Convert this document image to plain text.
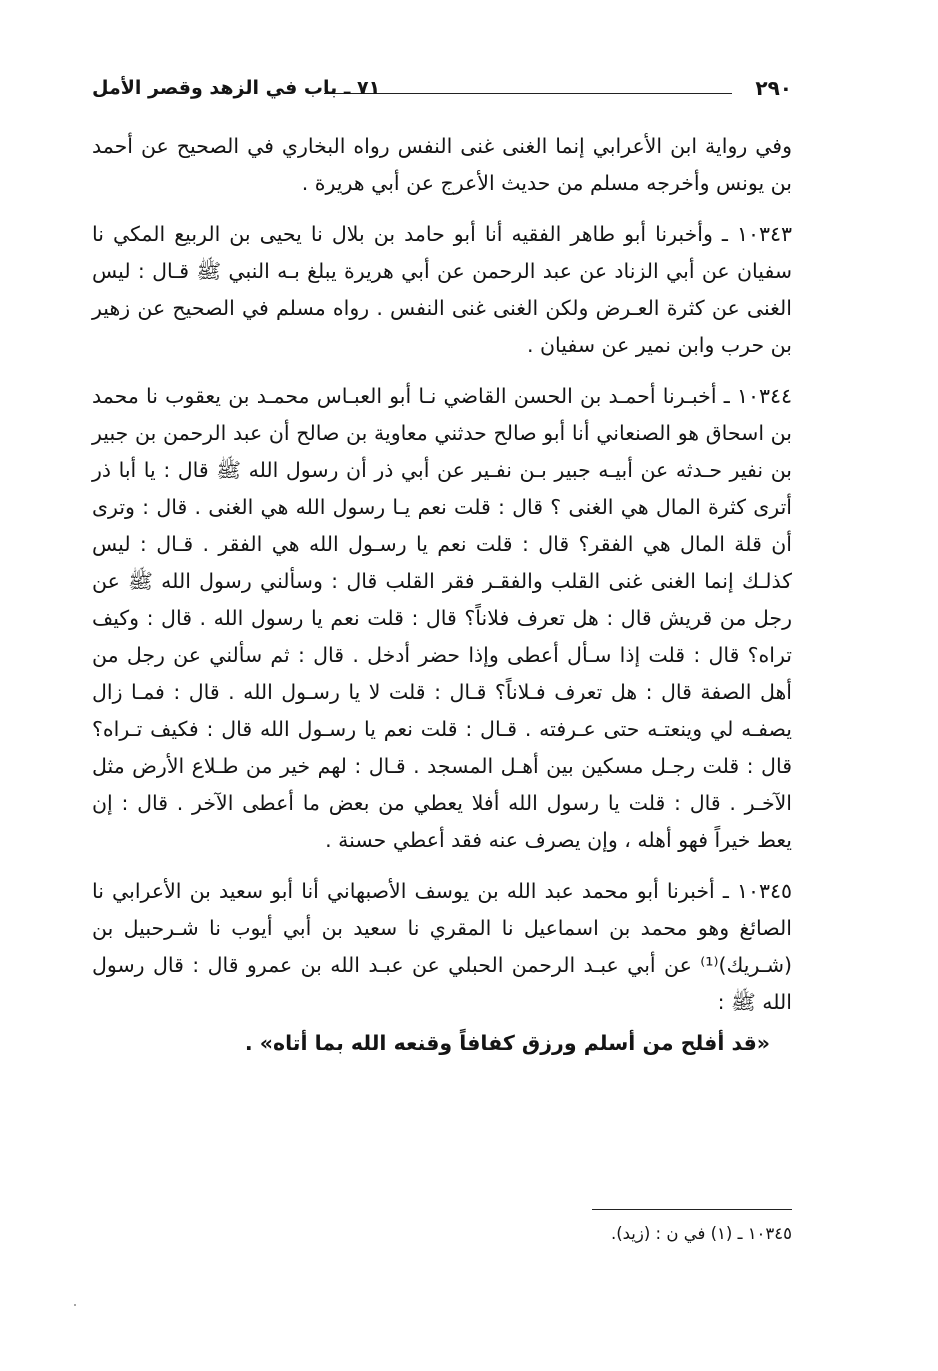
٢٩٠
٧١ ـ باب في الزهد وقصر الأمل

وفي رواية ابن الأعرابي إنما الغنى غنى النفس رواه البخاري في الصحيح عن أحمد بن يونس وأخرجه مسلم من حديث الأعرج عن أبي هريرة .

١٠٣٤٣ ـ وأخبرنا أبو طاهر الفقيه أنا أبو حامد بن بلال نا يحيى بن الربيع المكي نا سفيان عن أبي الزناد عن عبد الرحمن عن أبي هريرة يبلغ بـه النبي ﷺ قـال : ليس الغنى عن كثرة العـرض ولكن الغنى غنى النفس . رواه مسلم في الصحيح عن زهير بن حرب وابن نمير عن سفيان .

١٠٣٤٤ ـ أخبـرنا أحمـد بن الحسن القاضي نـا أبو العبـاس محمـد بن يعقوب نا محمد بن اسحاق هو الصنعاني أنا أبو صالح حدثني معاوية بن صالح أن عبد الرحمن بن جبير بن نفير حـدثه عن أبيـه جبير بـن نفـير عن أبي ذر أن رسول الله ﷺ قال : يا أبا ذر أترى كثرة المال هي الغنى ؟ قال : قلت نعم يـا رسول الله هي الغنى . قال : وترى أن قلة المال هي الفقر؟ قال : قلت نعم يا رسـول الله هي الفقر . قـال : ليس كذلـك إنما الغنى غنى القلب والفقـر فقر القلب قال : وسألني رسول الله ﷺ عن رجل من قريش قال : هل تعرف فلاناً؟ قال : قلت نعم يا رسول الله . قال : وكيف تراه؟ قال : قلت إذا سـأل أعطى وإذا حضر أدخل . قال : ثم سألني عن رجل من أهل الصفة قال : هل تعرف فـلاناً؟ قـال : قلت لا يا رسـول الله . قال : فمـا زال يصفـه لي وينعتـه حتى عـرفته . قـال : قلت نعم يا رسـول الله قال : فكيف تـراه؟ قال : قلت رجـل مسكين بين أهـل المسجد . قـال : لهم خير من طـلاع الأرض مثل الآخـر . قال : قلت يا رسول الله أفلا يعطي من بعض ما أعطى الآخر . قال : إن يعط خيراً فهو أهله ، وإن يصرف عنه فقد أعطي حسنة .

١٠٣٤٥ ـ أخبرنا أبو محمد عبد الله بن يوسف الأصبهاني أنا أبو سعيد بن الأعرابي نا الصائغ وهو محمد بن اسماعيل نا المقري نا سعيد بن أبي أيوب نا شـرحبيل بن (شـريك)⁽¹⁾ عن أبي عبـد الرحمن الحبلي عن عبـد الله بن عمرو قال : قال رسول الله ﷺ :

«قد أفلح من أسلم ورزق كفافاً وقنعه الله بما أتاه» .

١٠٣٤٥ ـ (١) في ن : (زيد).
